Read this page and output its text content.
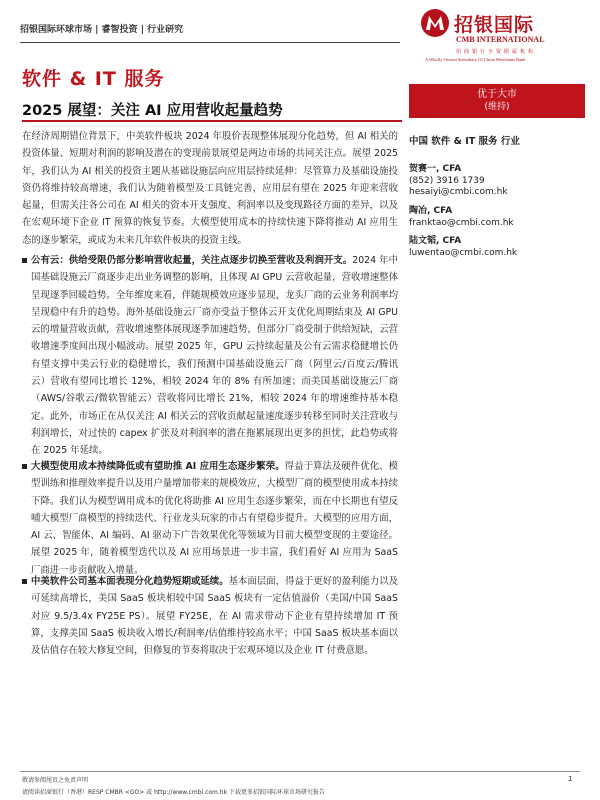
招银国际环球市场 | 睿智投资 | 行业研究	招银国际
CMB INTERNATIONAL
招商银行全资附属机构
A Wholly Owned Subsidiary Of China Merchants Bank
软件 & IT 服务
2025 展望：关注 AI 应用营收起量趋势
优于大市
(维持)
在经济周期错位背景下，中美软件板块 2024 年股价表现整体展现分化趋势，但 AI 相关的投资体量、短期对利润的影响及潜在的变现前景展望是两边市场的共同关注点。展望 2025 年，我们认为 AI 相关的投资主题从基础设施层向应用层持续延伸：尽管算力及基础设施投资仍将维持较高增速，我们认为随着模型及工具链完善，应用层有望在 2025 年迎来营收起量，但需关注各公司在 AI 相关的资本开支强度、利润率以及变现路径方面的差异，以及在宏观环境下企业 IT 预算的恢复节奏。大模型使用成本的持续快速下降将推动 AI 应用生态的逐步繁荣，或成为未来几年软件板块的投资主线。
公有云：供给受限仍部分影响营收起量，关注点逐步切换至营收及利润开支。2024 年中国基础设施云厂商逐步走出业务调整的影响，且体现 AI GPU 云营收起量，营收增速整体呈现逐季回暖趋势。全年维度来看，伴随规模效应逐步显现，龙头厂商的云业务利润率均呈现稳中有升的趋势。海外基础设施云厂商亦受益于整体云开支优化周期结束及 AI GPU 云的增量营收贡献，营收增速整体展现逐季加速趋势，但部分厂商受制于供给短缺，云营收增速季度间出现小幅波动。展望 2025 年，GPU 云持续起量及公有云需求稳健增长仍有望支撑中美云行业的稳健增长，我们预测中国基础设施云厂商（阿里云/百度云/腾讯云）营收有望同比增长 12%，相较 2024 年的 8% 有所加速；而美国基础设施云厂商（AWS/谷歌云/微软智能云）营收将同比增长 21%，相较 2024 年的增速维持基本稳定。此外，市场正在从仅关注 AI 相关云的营收贡献起量速度逐步转移至同时关注营收与利润增长，对过快的 capex 扩张及对利润率的潜在拖累展现出更多的担忧，此趋势或将在 2025 年延续。
大模型使用成本持续降低或有望助推 AI 应用生态逐步繁荣。得益于算法及硬件优化、模型训练和推理效率提升以及用户量增加带来的规模效应，大模型厂商的模型使用成本持续下降。我们认为模型调用成本的优化将助推 AI 应用生态逐步繁荣，而在中长期也有望反哺大模型厂商模型的持续迭代、行业龙头玩家的市占有望稳步提升。大模型的应用方面，AI 云、智能体、AI 编码、AI 驱动下广告效果优化等领域为目前大模型变现的主要途径。展望 2025 年，随着模型迭代以及 AI 应用场景进一步丰富，我们看好 AI 应用为 SaaS 厂商进一步贡献收入增量。
中美软件公司基本面表现分化趋势短期或延续。基本面层面，得益于更好的盈利能力以及可延续高增长，美国 SaaS 板块相较中国 SaaS 板块有一定估值溢价（美国/中国 SaaS 对应 9.5/3.4x FY25E PS）。展望 FY25E，在 AI 需求带动下企业有望持续增加 IT 预算，支撑美国 SaaS 板块收入增长/利润率/估值维持较高水平；中国 SaaS 板块基本面以及估值存在较大修复空间，但修复的节奏将取决于宏观环境以及企业 IT 付费意愿。
中国 软件 & IT 服务 行业
贺赛一, CFA
(852) 3916 1739
hesaiyi@cmbi.com.hk
陶冶, CFA
franktao@cmbi.com.hk
陆文韬, CFA
luwentao@cmbi.com.hk
敬请参阅尾页之免责声明
请阅读招商银行（香港）RESP CMBR <GO> 或 http://www.cmbi.com.hk 下载更多招银国际环球市场研究报告
1
